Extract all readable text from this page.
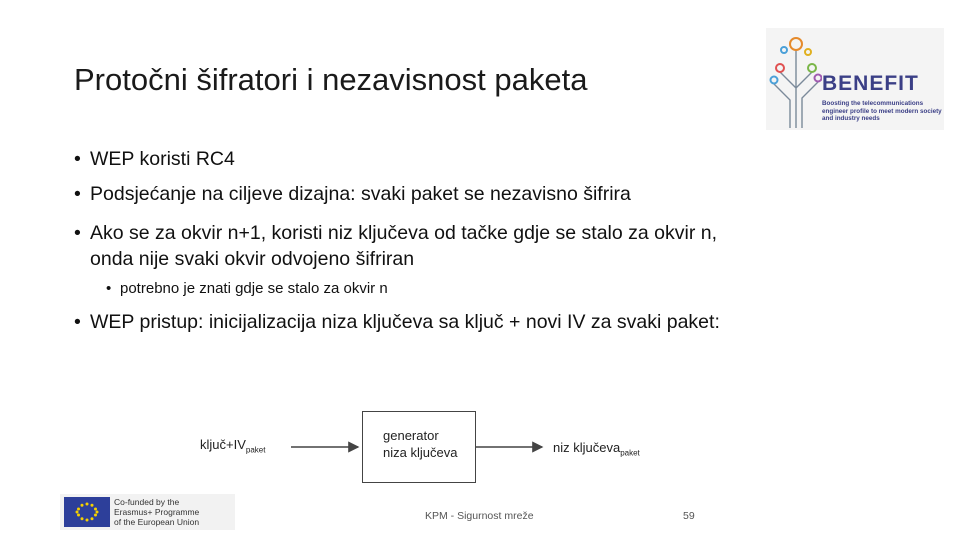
Protočni šifratori i nezavisnost paketa	BENEFIT
Boosting the telecommunications engineer profile to meet modern society and industry needs
• WEP koristi RC4
• Podsjećanje na ciljeve dizajna: svaki paket se nezavisno šifrira
• Ako se za okvir n+1, koristi niz ključeva od tačke gdje se stalo za okvir n,
onda nije svaki okvir odvojeno šifriran
• potrebno je znati gdje se stalo za okvir n
• WEP pristup: inicijalizacija niza ključeva sa ključ + novi IV za svaki paket:
$ključ+IV_{paket}$
generator
niza ključeva	niz ključeva$_{paket}$
Co-funded by the
Erasmus+ Programme
of the European Union	KPM - Sigurnost mreže	59
